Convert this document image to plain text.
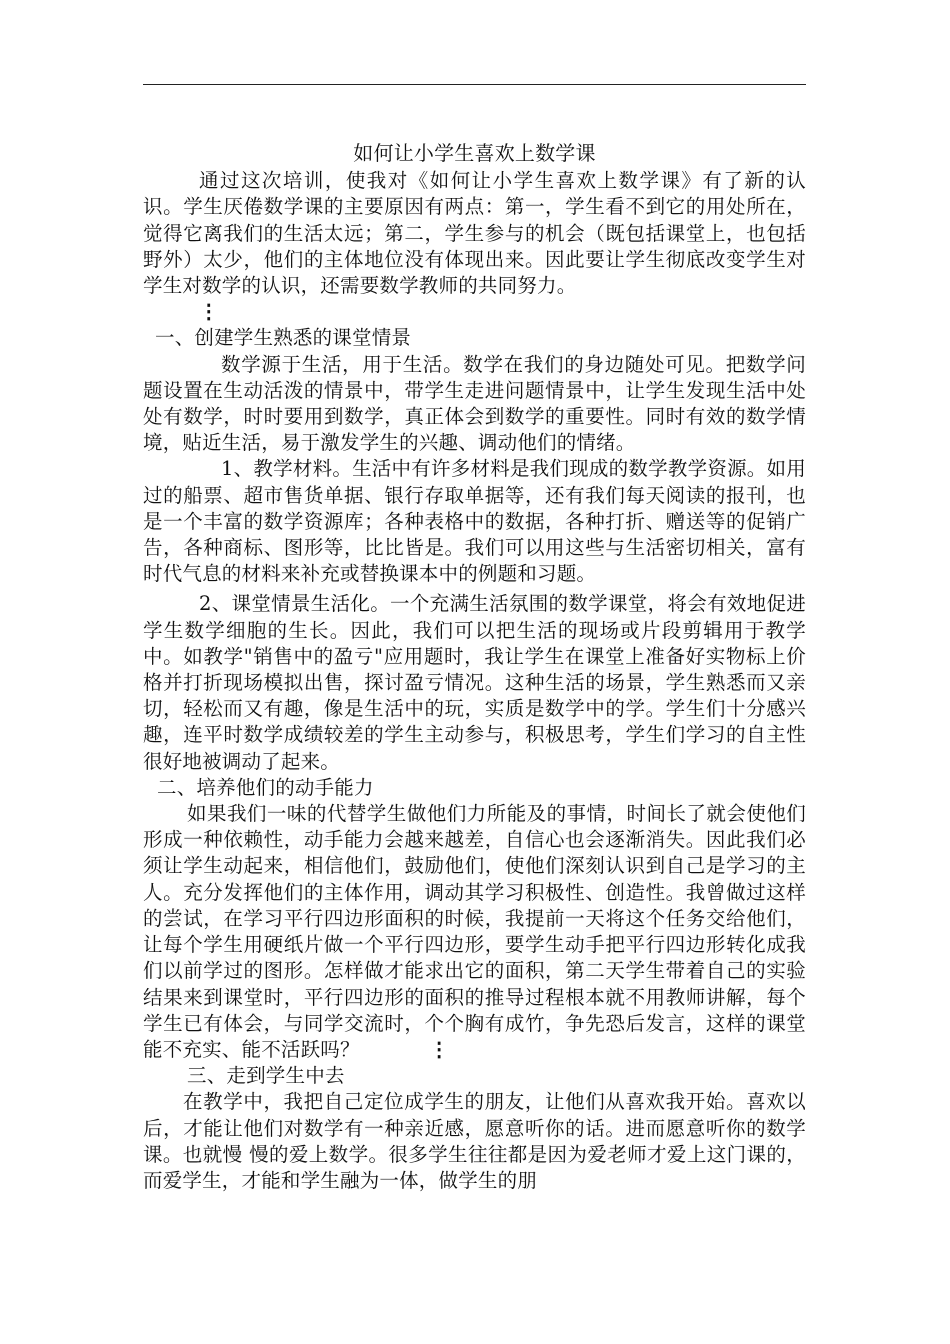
如何让小学生喜欢上数学课

通过这次培训，使我对《如何让小学生喜欢上数学课》有了新的认识。学生厌倦数学课的主要原因有两点：第一，学生看不到它的用处所在，觉得它离我们的生活太远；第二，学生参与的机会（既包括课堂上，也包括野外）太少，他们的主体地位没有体现出来。因此要让学生彻底改变学生对学生对数学的认识，还需要数学教师的共同努力。
⋮

一、创建学生熟悉的课堂情景

数学源于生活，用于生活。数学在我们的身边随处可见。把数学问题设置在生动活泼的情景中，带学生走进问题情景中，让学生发现生活中处处有数学，时时要用到数学，真正体会到数学的重要性。同时有效的数学情境，贴近生活，易于激发学生的兴趣、调动他们的情绪。

1、教学材料。生活中有许多材料是我们现成的数学教学资源。如用过的船票、超市售货单据、银行存取单据等，还有我们每天阅读的报刊，也是一个丰富的数学资源库；各种表格中的数据，各种打折、赠送等的促销广告，各种商标、图形等，比比皆是。我们可以用这些与生活密切相关，富有时代气息的材料来补充或替换课本中的例题和习题。

2、课堂情景生活化。一个充满生活氛围的数学课堂，将会有效地促进学生数学细胞的生长。因此，我们可以把生活的现场或片段剪辑用于教学中。如教学"销售中的盈亏"应用题时，我让学生在课堂上准备好实物标上价格并打折现场模拟出售，探讨盈亏情况。这种生活的场景，学生熟悉而又亲切，轻松而又有趣，像是生活中的玩，实质是数学中的学。学生们十分感兴趣，连平时数学成绩较差的学生主动参与，积极思考，学生们学习的自主性很好地被调动了起来。

二、培养他们的动手能力

如果我们一味的代替学生做他们力所能及的事情，时间长了就会使他们形成一种依赖性，动手能力会越来越差，自信心也会逐渐消失。因此我们必须让学生动起来，相信他们，鼓励他们，使他们深刻认识到自己是学习的主人。充分发挥他们的主体作用，调动其学习积极性、创造性。我曾做过这样的尝试，在学习平行四边形面积的时候，我提前一天将这个任务交给他们，让每个学生用硬纸片做一个平行四边形，要学生动手把平行四边形转化成我们以前学过的图形。怎样做才能求出它的面积，第二天学生带着自己的实验结果来到课堂时，平行四边形的面积的推导过程根本就不用教师讲解，每个学生已有体会，与同学交流时，个个胸有成竹，争先恐后发言，这样的课堂能不充实、能不活跃吗？	⋮

三、走到学生中去

在教学中，我把自己定位成学生的朋友，让他们从喜欢我开始。喜欢以后，才能让他们对数学有一种亲近感，愿意听你的话。进而愿意听你的数学课。也就慢 慢的爱上数学。很多学生往往都是因为爱老师才爱上这门课的，而爱学生，才能和学生融为一体，做学生的朋
